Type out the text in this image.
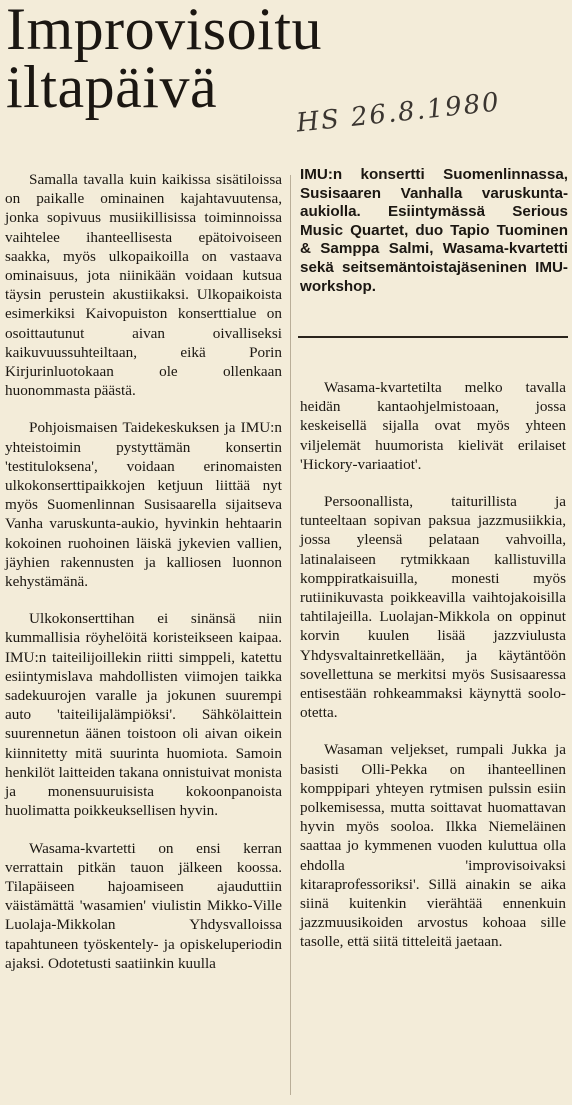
Improvisoitu
iltapäivä	HS 26.8.1980

Samalla tavalla kuin kaikissa sisätiloissa on paikalle ominainen kajahtavuutensa, jonka sopivuus musiikillisissa toiminnoissa vaihtelee ihanteellisesta epätoivoiseen saakka, myös ulkopaikoilla on vastaava ominaisuus, jota niinikään voidaan kutsua täysin perustein akustiikaksi. Ulkopaikoista esimerkiksi Kaivopuiston konserttialue on osoittautunut aivan oivalliseksi kaikuvuussuhteiltaan, eikä Porin Kirjurinluotokaan ole ollenkaan huonommasta päästä.

Pohjoismaisen Taidekeskuksen ja IMU:n yhteistoimin pystyttämän konsertin 'testituloksena', voidaan erinomaisten ulkokonserttipaikkojen ketjuun liittää nyt myös Suomenlinnan Susisaarella sijaitseva Vanha varuskunta-aukio, hyvinkin hehtaarin kokoinen ruohoinen läiskä jykevien vallien, jäyhien rakennusten ja kalliosen luonnon kehystämänä.

Ulkokonserttihan ei sinänsä niin kummallisia röyhelöitä koristeikseen kaipaa. IMU:n taiteilijoillekin riitti simppeli, katettu esiintymislava mahdollisten viimojen taikka sadekuurojen varalle ja jokunen suurempi auto 'taiteilijalämpiöksi'. Sähkölaittein suurennetun äänen toistoon oli aivan oikein kiinnitetty mitä suurinta huomiota. Samoin henkilöt laitteiden takana onnistuivat monista ja monensuuruisista kokoonpanoista huolimatta poikkeuksellisen hyvin.

Wasama-kvartetti on ensi kerran verrattain pitkän tauon jälkeen koossa. Tilapäiseen hajoamiseen ajauduttiin väistämättä 'wasamien' viulistin Mikko-Ville Luolaja-Mikkolan Yhdysvalloissa tapahtuneen työskentely- ja opiskeluperiodin ajaksi. Odotetusti saatiinkin kuulla

IMU:n konsertti Suomenlinnassa, Susisaaren Vanhalla varuskunta-aukiolla. Esiintymässä Serious Music Quartet, duo Tapio Tuominen & Samppa Salmi, Wasama-kvartetti sekä seitsemäntoistajäseninen IMU-workshop.

Wasama-kvartetilta melko tavalla heidän kantaohjelmistoaan, jossa keskeisellä sijalla ovat myös yhteen viljelemät huumorista kielivät erilaiset 'Hickory-variaatiot'.

Persoonallista, taiturillista ja tunteeltaan sopivan paksua jazzmusiikkia, jossa yleensä pelataan vahvoilla, latinalaiseen rytmikkaan kallistuvilla komppiratkaisuilla, monesti myös rutiinikuvasta poikkeavilla vaihtojakoisilla tahtilajeilla. Luolajan-Mikkola on oppinut korvin kuulen lisää jazzviulusta Yhdysvaltainretkellään, ja käytäntöön sovellettuna se merkitsi myös Susisaaressa entisestään rohkeammaksi käynyttä soolo-otetta.

Wasaman veljekset, rumpali Jukka ja basisti Olli-Pekka on ihanteellinen komppipari yhteyen rytmisen pulssin esiin polkemisessa, mutta soittavat huomattavan hyvin myös sooloa. Ilkka Niemeläinen saattaa jo kymmenen vuoden kuluttua olla ehdolla 'improvisoivaksi kitaraprofessoriksi'. Sillä ainakin se aika siinä kuitenkin vierähtää ennenkuin jazzmuusikoiden arvostus kohoaa sille tasolle, että siitä titteleitä jaetaan.
